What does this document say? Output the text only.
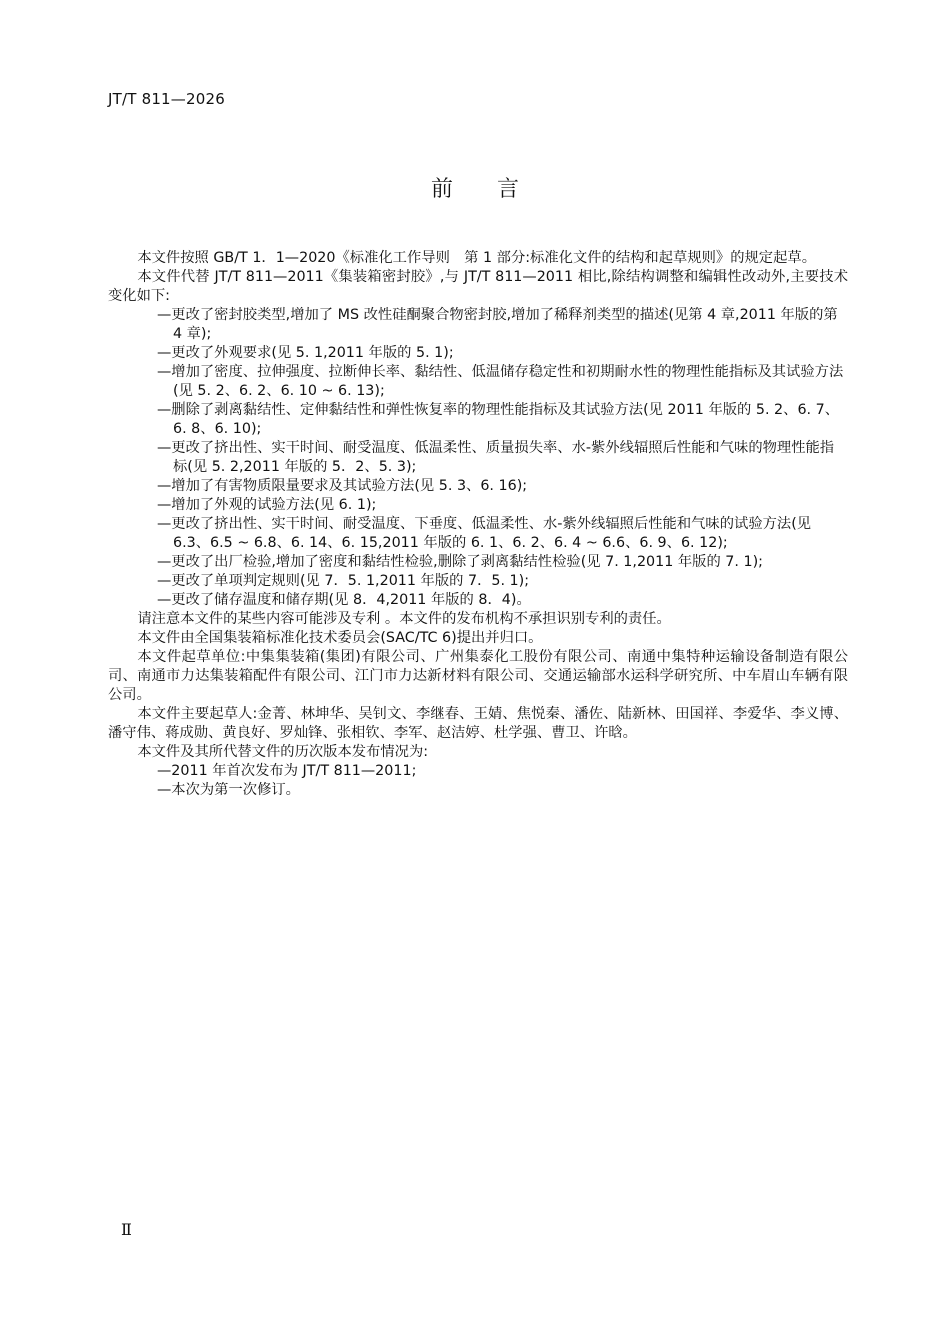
JT/T 811—2026
前言

本文件按照 GB/T 1．1—2020《标准化工作导则　第 1 部分:标准化文件的结构和起草规则》的规定起草。

本文件代替 JT/T 811—2011《集装箱密封胶》,与 JT/T 811—2011 相比,除结构调整和编辑性改动外,主要技术变化如下:

—更改了密封胶类型,增加了 MS 改性硅酮聚合物密封胶,增加了稀释剂类型的描述(见第 4 章,2011 年版的第 4 章);

—更改了外观要求(见 5. 1,2011 年版的 5. 1);

—增加了密度、拉伸强度、拉断伸长率、黏结性、低温储存稳定性和初期耐水性的物理性能指标及其试验方法(见 5. 2、6. 2、6. 10 ~ 6. 13);

—删除了剥离黏结性、定伸黏结性和弹性恢复率的物理性能指标及其试验方法(见 2011 年版的 5. 2、6. 7、6. 8、6. 10);

—更改了挤出性、实干时间、耐受温度、低温柔性、质量损失率、水-紫外线辐照后性能和气味的物理性能指标(见 5. 2,2011 年版的 5．2、5. 3);

—增加了有害物质限量要求及其试验方法(见 5. 3、6. 16);

—增加了外观的试验方法(见 6. 1);

—更改了挤出性、实干时间、耐受温度、下垂度、低温柔性、水-紫外线辐照后性能和气味的试验方法(见 6.3、6.5 ~ 6.8、6. 14、6. 15,2011 年版的 6. 1、6. 2、6. 4 ~ 6.6、6. 9、6. 12);

—更改了出厂检验,增加了密度和黏结性检验,删除了剥离黏结性检验(见 7. 1,2011 年版的 7. 1);

—更改了单项判定规则(见 7．5. 1,2011 年版的 7．5. 1);

—更改了储存温度和储存期(见 8．4,2011 年版的 8．4)。

请注意本文件的某些内容可能涉及专利 。本文件的发布机构不承担识别专利的责任。

本文件由全国集装箱标准化技术委员会(SAC/TC 6)提出并归口。

本文件起草单位:中集集装箱(集团)有限公司、广州集泰化工股份有限公司、南通中集特种运输设备制造有限公司、南通市力达集装箱配件有限公司、江门市力达新材料有限公司、交通运输部水运科学研究所、中车眉山车辆有限公司。

本文件主要起草人:金菁、林坤华、吴钊文、李继春、王婧、焦悦秦、潘佐、陆新林、田国祥、李爱华、李义博、潘守伟、蒋成勋、黄良好、罗灿锋、张相钦、李军、赵洁婷、杜学强、曹卫、许晗。

本文件及其所代替文件的历次版本发布情况为:

—2011 年首次发布为 JT/T 811—2011;

—本次为第一次修订。

Ⅱ
